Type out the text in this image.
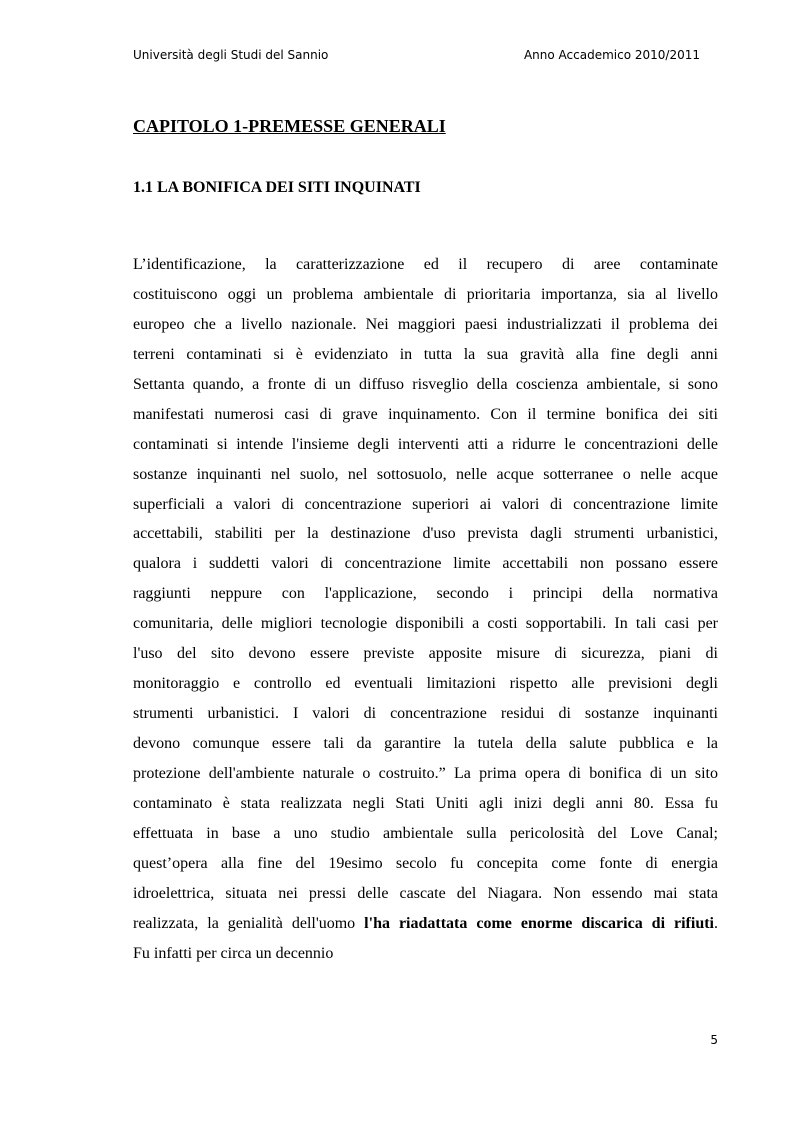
Università degli Studi del Sannio	Anno Accademico 2010/2011
CAPITOLO 1-PREMESSE GENERALI
1.1 LA BONIFICA DEI SITI INQUINATI
L’identificazione, la caratterizzazione ed il recupero di aree contaminate
costituiscono oggi un problema ambientale di prioritaria importanza, sia al livello
europeo che a livello nazionale. Nei maggiori paesi industrializzati il problema dei
terreni contaminati si è evidenziato in tutta la sua gravità alla fine degli anni
Settanta quando, a fronte di un diffuso risveglio della coscienza ambientale, si sono
manifestati numerosi casi di grave inquinamento. Con il termine bonifica dei siti
contaminati si intende l'insieme degli interventi atti a ridurre le concentrazioni delle
sostanze inquinanti nel suolo, nel sottosuolo, nelle acque sotterranee o nelle acque
superficiali a valori di concentrazione superiori ai valori di concentrazione limite
accettabili, stabiliti per la destinazione d'uso prevista dagli strumenti urbanistici,
qualora i suddetti valori di concentrazione limite accettabili non possano essere
raggiunti neppure con l'applicazione, secondo i principi della normativa
comunitaria, delle migliori tecnologie disponibili a costi sopportabili. In tali casi per
l'uso del sito devono essere previste apposite misure di sicurezza, piani di
monitoraggio e controllo ed eventuali limitazioni rispetto alle previsioni degli
strumenti urbanistici. I valori di concentrazione residui di sostanze inquinanti
devono comunque essere tali da garantire la tutela della salute pubblica e la
protezione dell'ambiente naturale o costruito.” La prima opera di bonifica di un sito
contaminato è stata realizzata negli Stati Uniti agli inizi degli anni 80. Essa fu
effettuata in base a uno studio ambientale sulla pericolosità del Love Canal;
quest’opera alla fine del 19esimo secolo fu concepita come fonte di energia
idroelettrica, situata nei pressi delle cascate del Niagara. Non essendo mai stata
realizzata, la genialità dell'uomo l'ha riadattata come enorme discarica di rifiuti.
Fu infatti per circa un decennio
5
